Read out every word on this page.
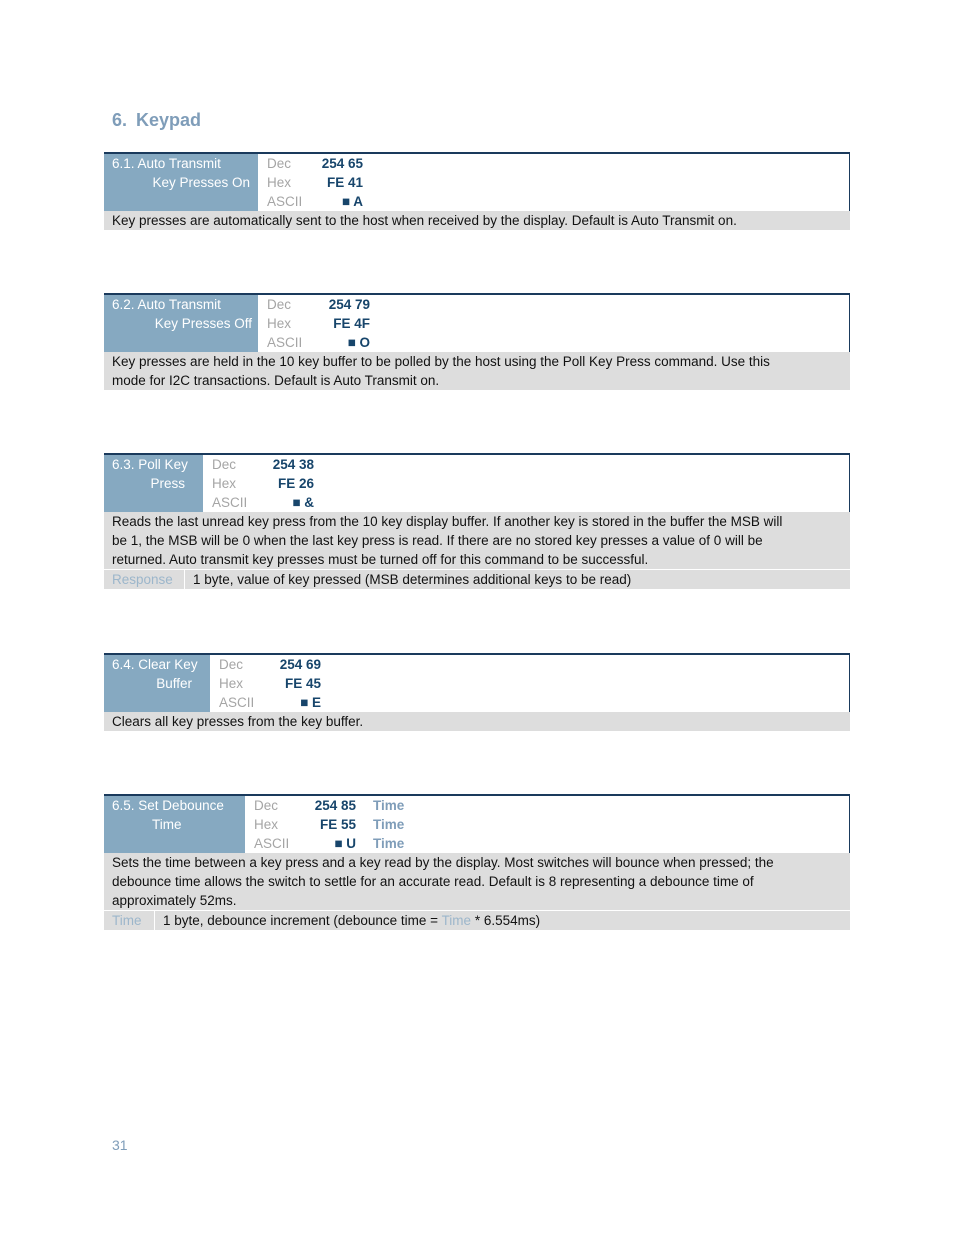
6. Keypad
6.1. Auto Transmit
Key Presses On
Dec	254 65
Hex	FE 41
ASCII	■ A
Key presses are automatically sent to the host when received by the display. Default is Auto Transmit on.
6.2. Auto Transmit
Key Presses Off
Dec	254 79
Hex	FE 4F
ASCII	■ O
Key presses are held in the 10 key buffer to be polled by the host using the Poll Key Press command. Use this
mode for I2C transactions. Default is Auto Transmit on.
6.3. Poll Key
Press
Dec	254 38
Hex	FE 26
ASCII	■ &
Reads the last unread key press from the 10 key display buffer. If another key is stored in the buffer the MSB will
be 1, the MSB will be 0 when the last key press is read. If there are no stored key presses a value of 0 will be
returned. Auto transmit key presses must be turned off for this command to be successful.
Response	1 byte, value of key pressed (MSB determines additional keys to be read)
6.4. Clear Key
Buffer
Dec	254 69
Hex	FE 45
ASCII	■ E
Clears all key presses from the key buffer.
6.5. Set Debounce
Time
Dec	254 85 Time
Hex	FE 55 Time
ASCII	■ U Time
Sets the time between a key press and a key read by the display. Most switches will bounce when pressed; the
debounce time allows the switch to settle for an accurate read. Default is 8 representing a debounce time of
approximately 52ms.
Time	1 byte, debounce increment (debounce time = Time * 6.554ms)
31
